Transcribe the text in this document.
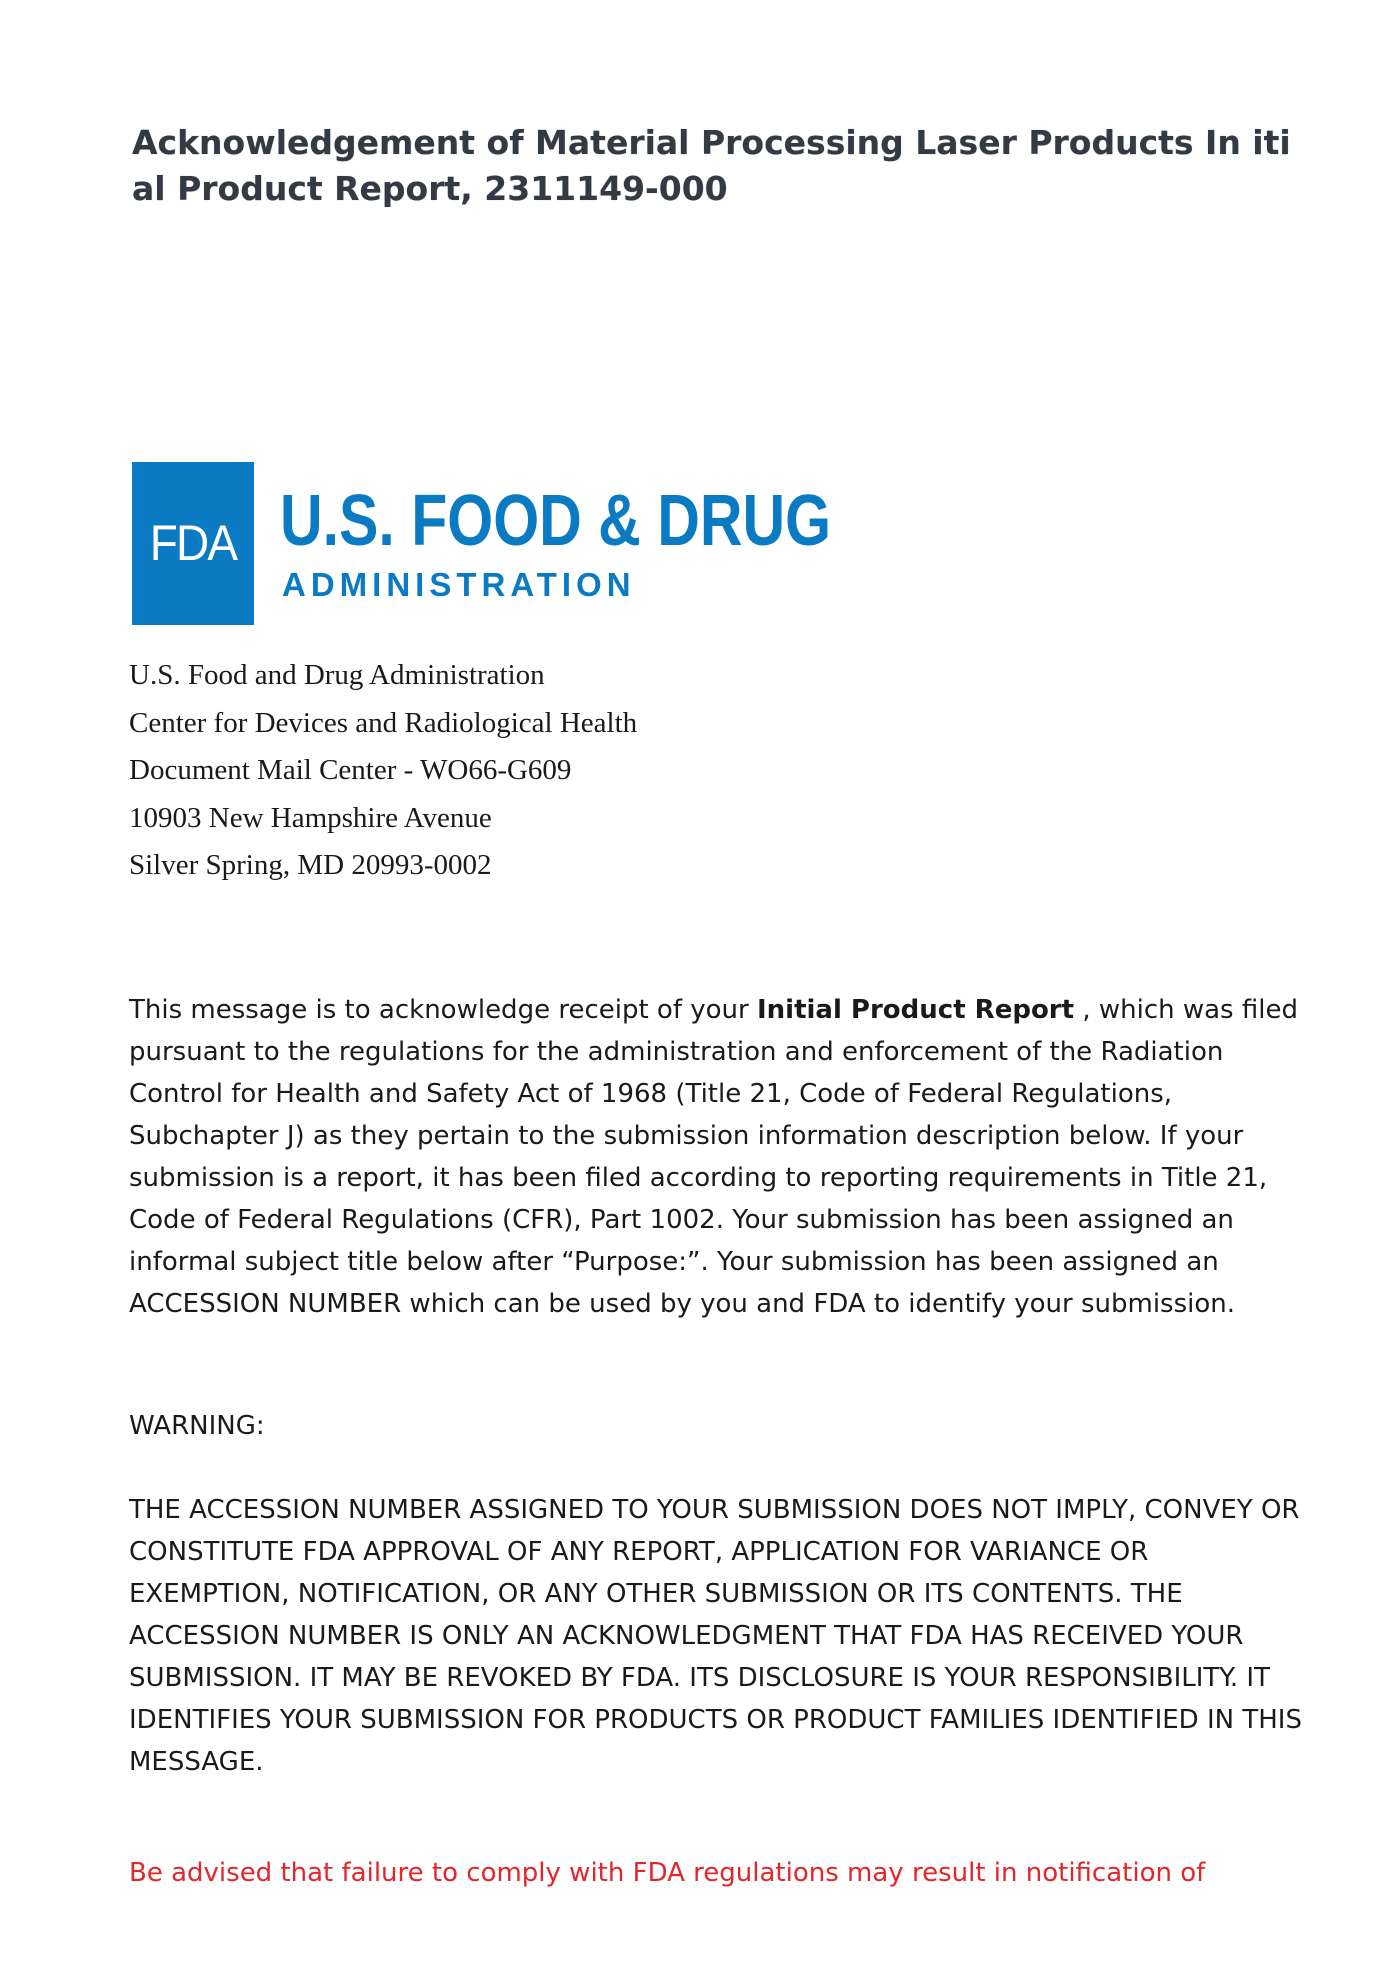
Acknowledgement of Material Processing Laser Products In itial Product Report, 2311149-000
FDA U.S. FOOD & DRUG
ADMINISTRATION
U.S. Food and Drug Administration
Center for Devices and Radiological Health
Document Mail Center - WO66-G609
10903 New Hampshire Avenue
Silver Spring, MD 20993-0002

This message is to acknowledge receipt of your Initial Product Report , which was filed pursuant to the regulations for the administration and enforcement of the Radiation Control for Health and Safety Act of 1968 (Title 21, Code of Federal Regulations, Subchapter J) as they pertain to the submission information description below. If your submission is a report, it has been filed according to reporting requirements in Title 21, Code of Federal Regulations (CFR), Part 1002. Your submission has been assigned an informal subject title below after “Purpose:”. Your submission has been assigned an ACCESSION NUMBER which can be used by you and FDA to identify your submission.

WARNING:

THE ACCESSION NUMBER ASSIGNED TO YOUR SUBMISSION DOES NOT IMPLY, CONVEY OR CONSTITUTE FDA APPROVAL OF ANY REPORT, APPLICATION FOR VARIANCE OR EXEMPTION, NOTIFICATION, OR ANY OTHER SUBMISSION OR ITS CONTENTS. THE ACCESSION NUMBER IS ONLY AN ACKNOWLEDGMENT THAT FDA HAS RECEIVED YOUR SUBMISSION. IT MAY BE REVOKED BY FDA. ITS DISCLOSURE IS YOUR RESPONSIBILITY. IT IDENTIFIES YOUR SUBMISSION FOR PRODUCTS OR PRODUCT FAMILIES IDENTIFIED IN THIS MESSAGE.

Be advised that failure to comply with FDA regulations may result in notification of
